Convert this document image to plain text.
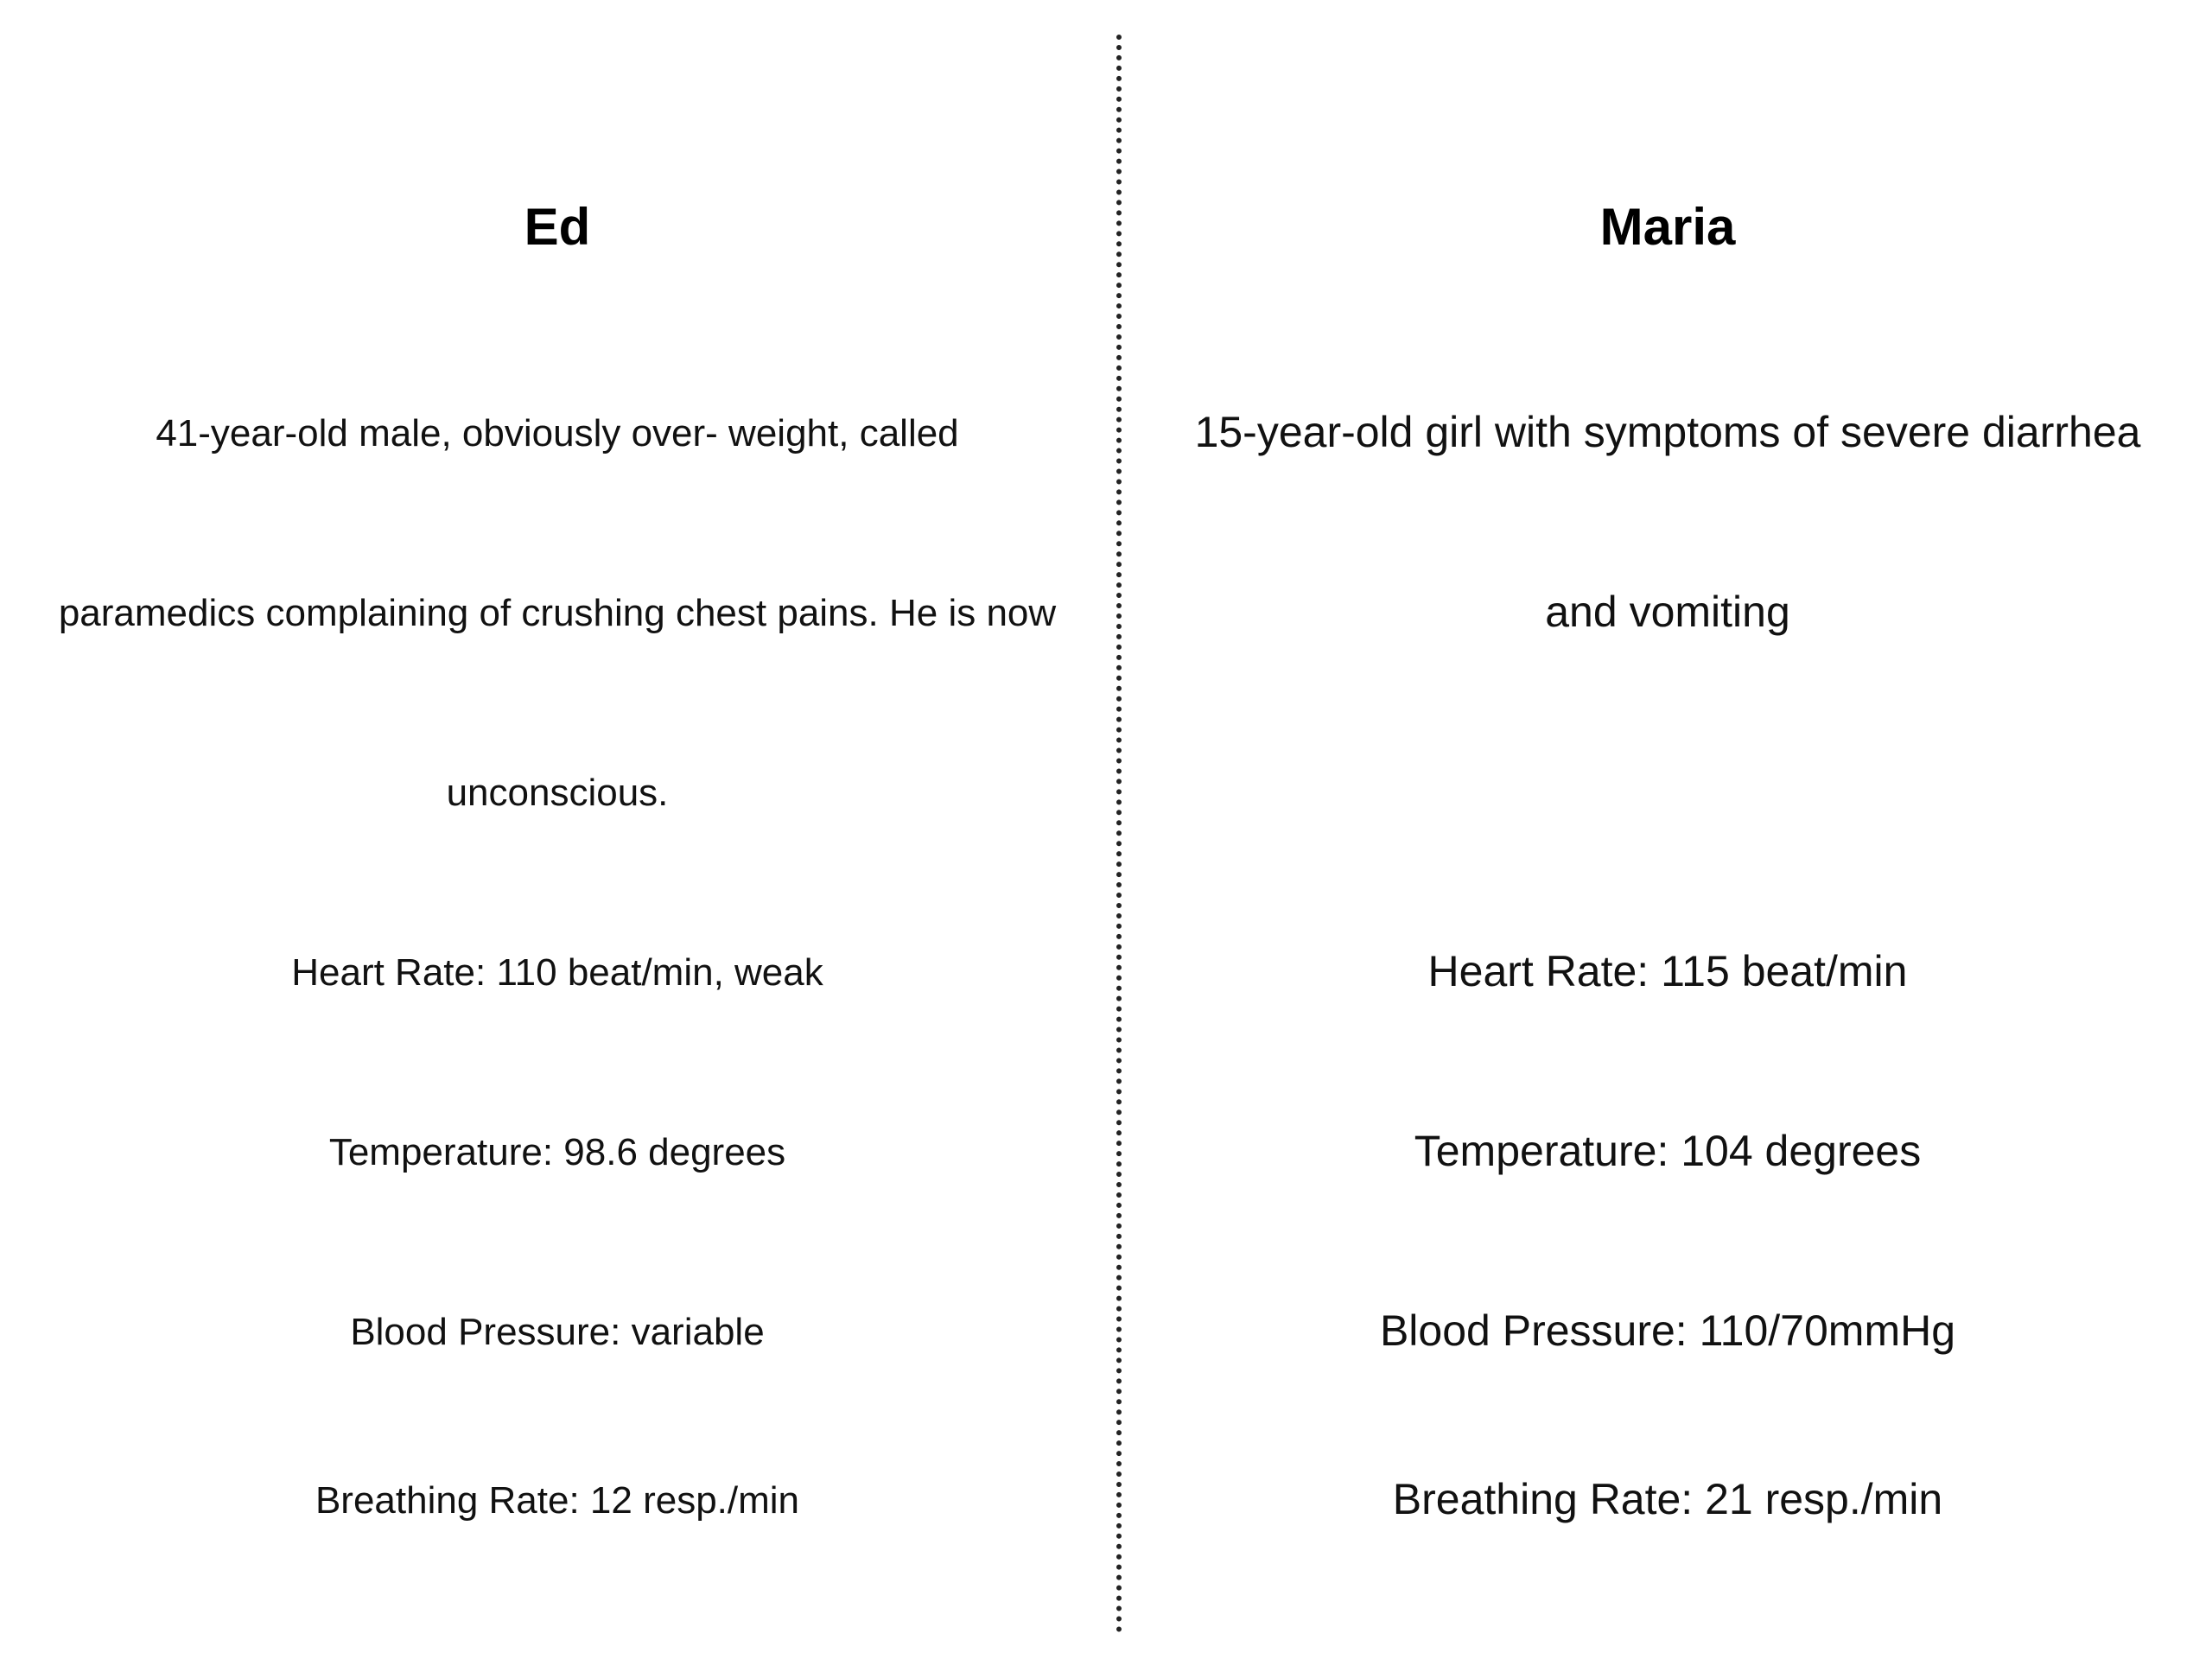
Ed
41-year-old male, obviously over- weight, called
paramedics complaining of crushing chest pains. He is now
unconscious.
Heart Rate: 110 beat/min, weak
Temperature: 98.6 degrees
Blood Pressure: variable
Breathing Rate: 12 resp./min
Maria
15-year-old girl with symptoms of severe diarrhea
and vomiting
Heart Rate: 115 beat/min
Temperature: 104 degrees
Blood Pressure: 110/70mmHg
Breathing Rate: 21 resp./min
